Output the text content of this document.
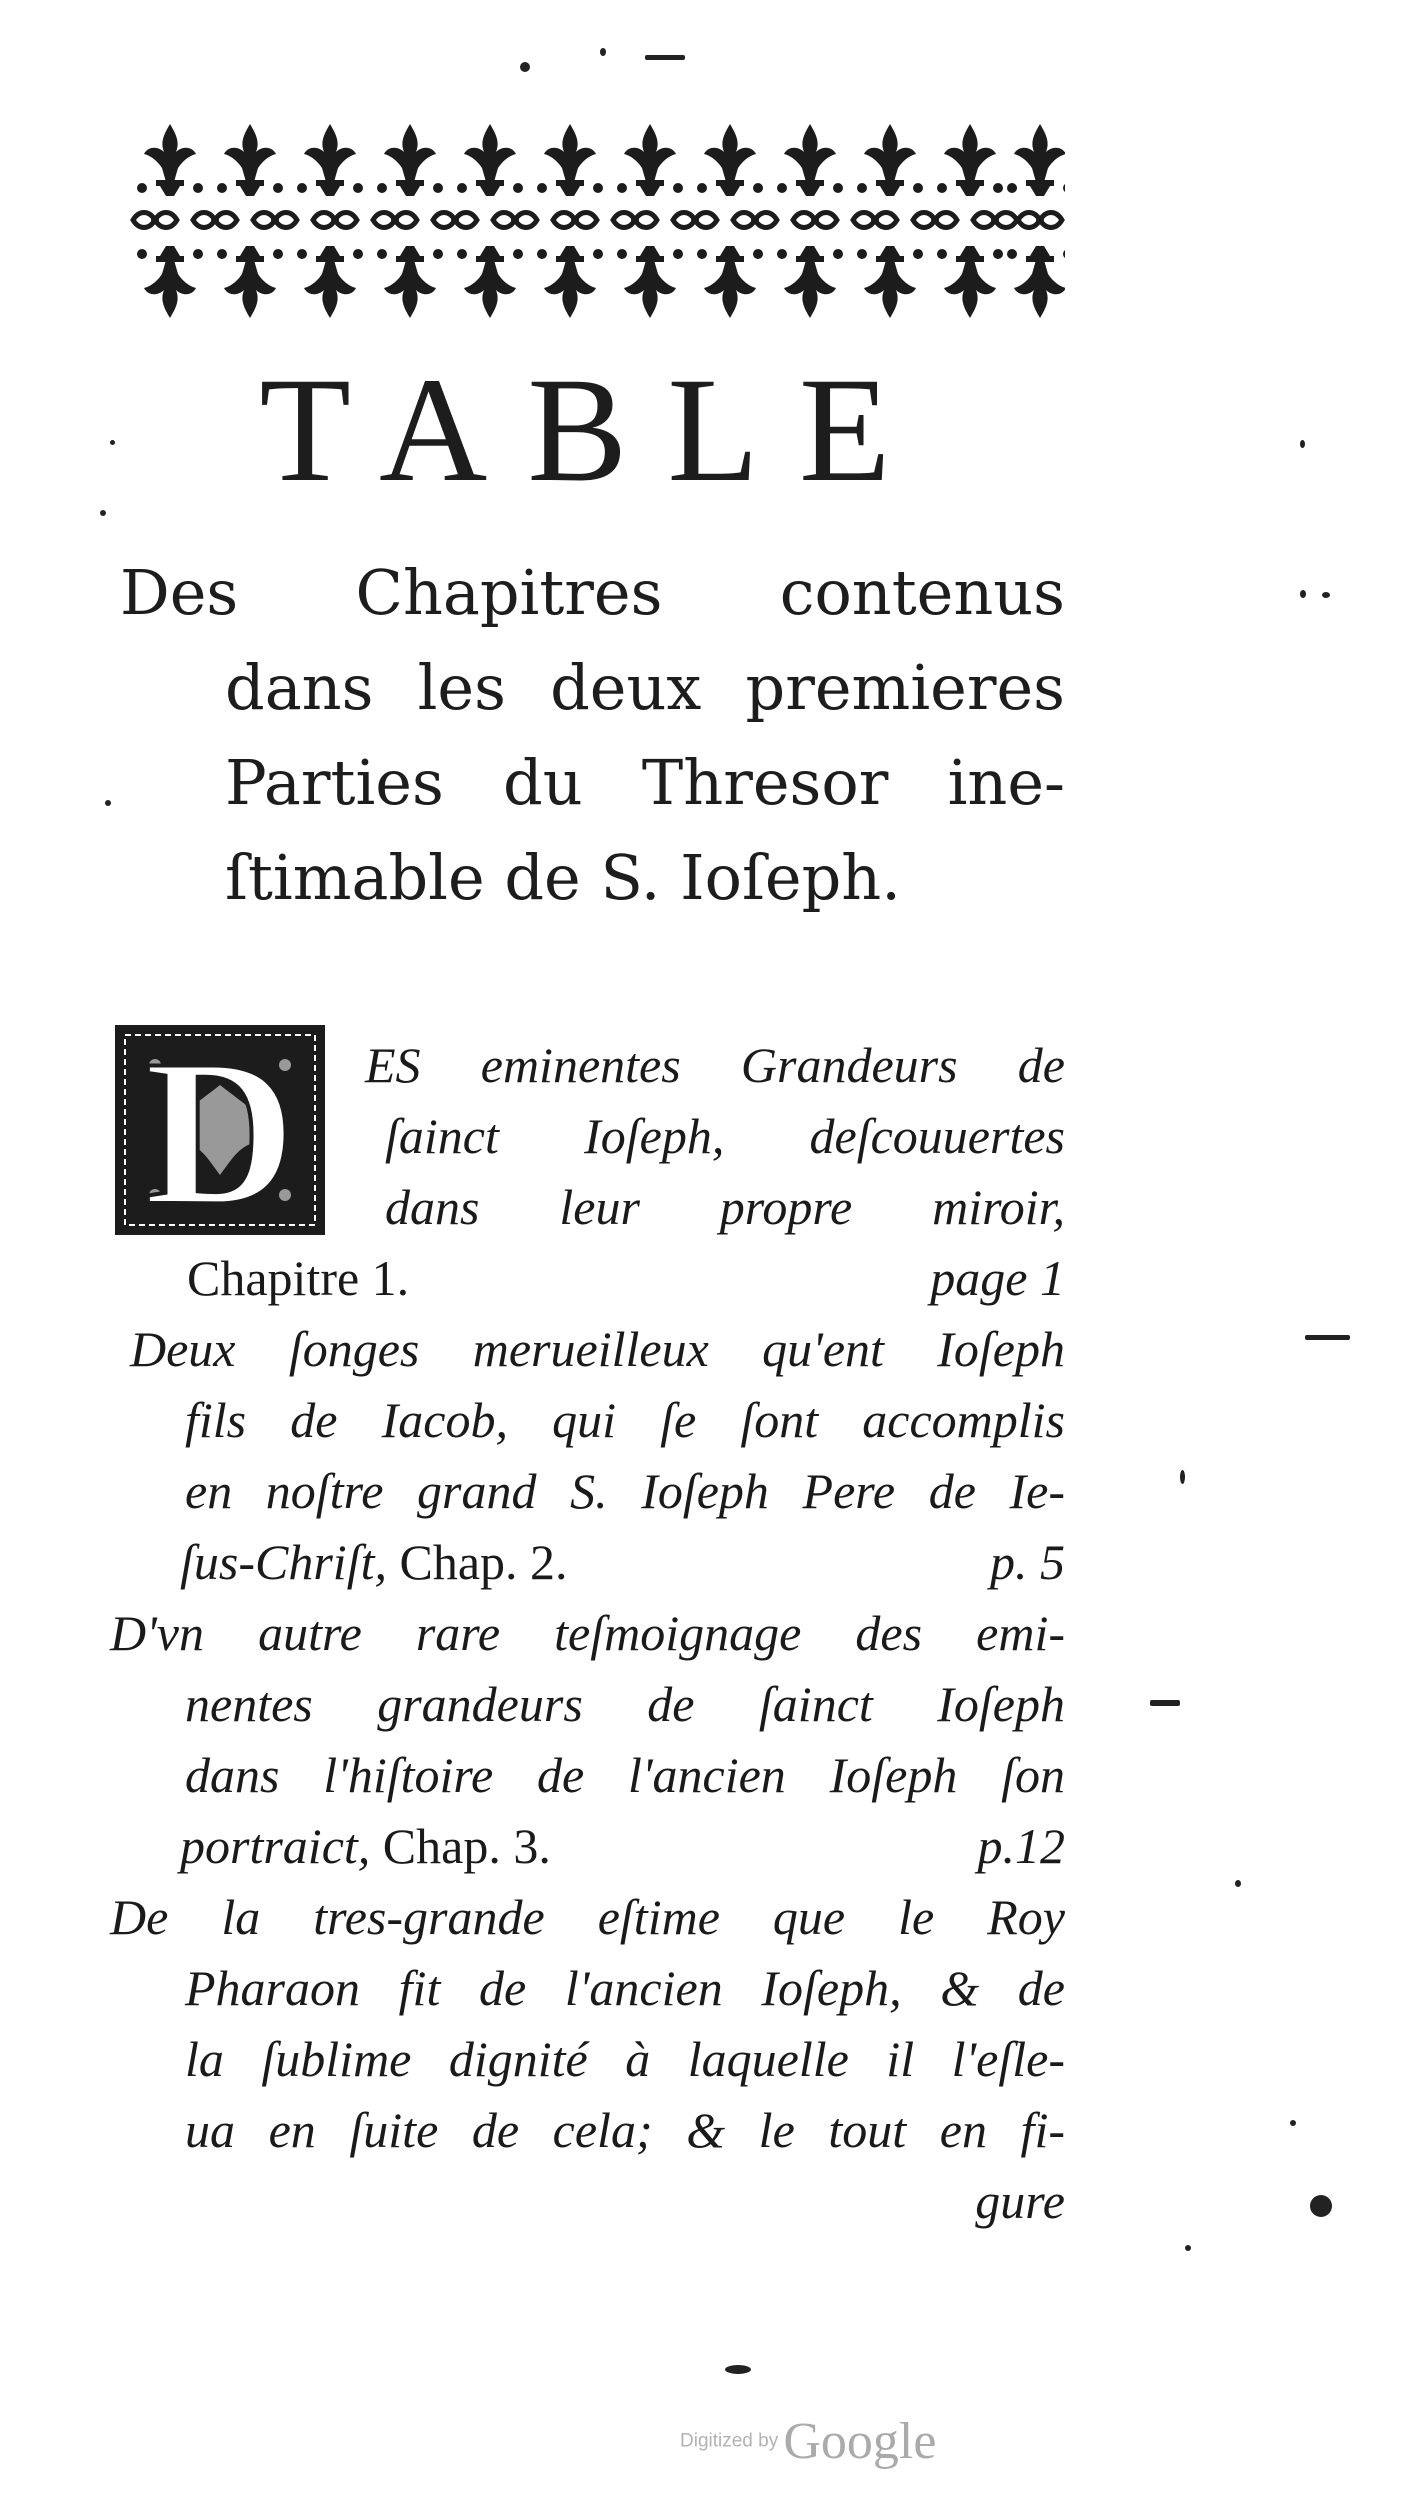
TABLE
Des Chapitres contenus
dans les deux premieres
Parties du Thresor ine-
ſtimable de S. Ioſeph.
D ES eminentes Grandeurs de
ſainct Ioſeph, deſcouuertes
dans leur propre miroir,
Chapitre 1.	page 1
Deux ſonges merueilleux qu'ent Ioſeph
fils de Iacob, qui ſe ſont accomplis
en noſtre grand S. Ioſeph Pere de Ie-
ſus-Chriſt, Chap. 2.	p. 5
D'vn autre rare teſmoignage des emi-
nentes grandeurs de ſainct Ioſeph
dans l'hiſtoire de l'ancien Ioſeph ſon
portraict, Chap. 3.	p.12
De la tres-grande eſtime que le Roy
Pharaon fit de l'ancien Ioſeph, & de
la ſublime dignité à laquelle il l'eſle-
ua en ſuite de cela; & le tout en fi-
gure
Digitized by Google
